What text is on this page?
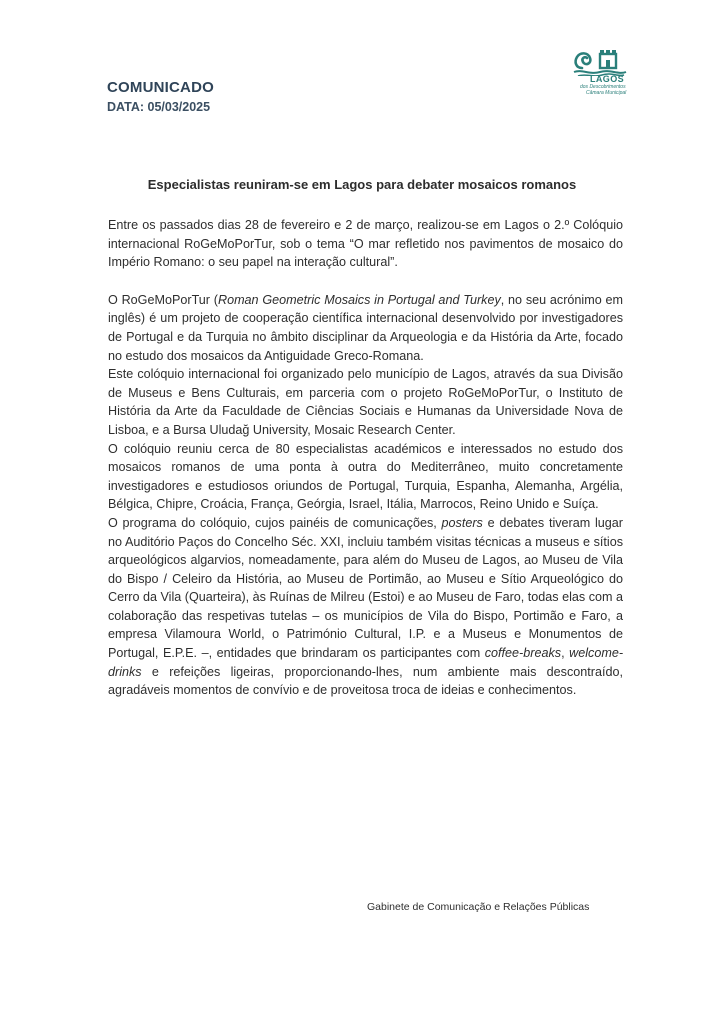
COMUNICADO
DATA: 05/03/2025
LAGOS
dos Descobrimentos
Câmara Municipal
Especialistas reuniram-se em Lagos para debater mosaicos romanos

Entre os passados dias 28 de fevereiro e 2 de março, realizou-se em Lagos o 2.º Colóquio internacional RoGeMoPorTur, sob o tema “O mar refletido nos pavimentos de mosaico do Império Romano: o seu papel na interação cultural”.

O RoGeMoPorTur (Roman Geometric Mosaics in Portugal and Turkey, no seu acrónimo em inglês) é um projeto de cooperação científica internacional desenvolvido por investigadores de Portugal e da Turquia no âmbito disciplinar da Arqueologia e da História da Arte, focado no estudo dos mosaicos da Antiguidade Greco-Romana.

Este colóquio internacional foi organizado pelo município de Lagos, através da sua Divisão de Museus e Bens Culturais, em parceria com o projeto RoGeMoPorTur, o Instituto de História da Arte da Faculdade de Ciências Sociais e Humanas da Universidade Nova de Lisboa, e a Bursa Uludağ University, Mosaic Research Center.

O colóquio reuniu cerca de 80 especialistas académicos e interessados no estudo dos mosaicos romanos de uma ponta à outra do Mediterrâneo, muito concretamente investigadores e estudiosos oriundos de Portugal, Turquia, Espanha, Alemanha, Argélia, Bélgica, Chipre, Croácia, França, Geórgia, Israel, Itália, Marrocos, Reino Unido e Suíça.

O programa do colóquio, cujos painéis de comunicações, posters e debates tiveram lugar no Auditório Paços do Concelho Séc. XXI, incluiu também visitas técnicas a museus e sítios arqueológicos algarvios, nomeadamente, para além do Museu de Lagos, ao Museu de Vila do Bispo / Celeiro da História, ao Museu de Portimão, ao Museu e Sítio Arqueológico do Cerro da Vila (Quarteira), às Ruínas de Milreu (Estoi) e ao Museu de Faro, todas elas com a colaboração das respetivas tutelas – os municípios de Vila do Bispo, Portimão e Faro, a empresa Vilamoura World, o Património Cultural, I.P. e a Museus e Monumentos de Portugal, E.P.E. –, entidades que brindaram os participantes com coffee-breaks, welcome-drinks e refeições ligeiras, proporcionando-lhes, num ambiente mais descontraído, agradáveis momentos de convívio e de proveitosa troca de ideias e conhecimentos.

Gabinete de Comunicação e Relações Públicas
